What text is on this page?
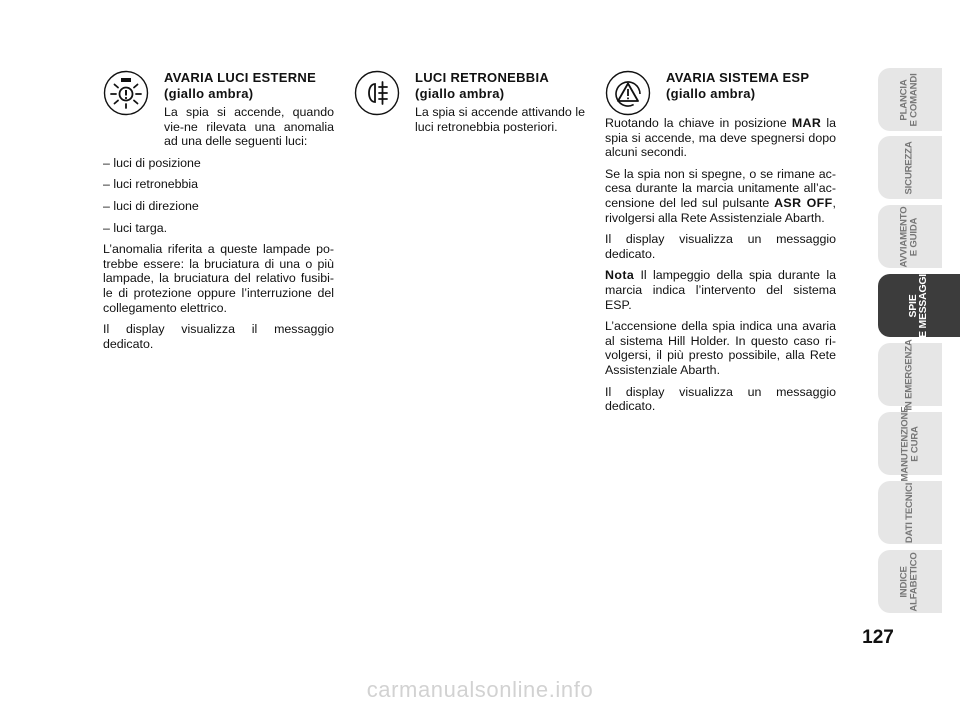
AVARIA LUCI ESTERNE
(giallo ambra)

La spia si accende, quando vie-ne rilevata una anomalia ad una delle seguenti luci:

– luci di posizione

– luci retronebbia

– luci di direzione

– luci targa.

L’anomalia riferita a queste lampade po-trebbe essere: la bruciatura di una o più lampade, la bruciatura del relativo fusibi-le di protezione oppure l’interruzione del collegamento elettrico.

Il display visualizza il messaggio dedicato.

LUCI RETRONEBBIA
(giallo ambra)

La spia si accende attivando le luci retronebbia posteriori.

AVARIA SISTEMA ESP
(giallo ambra)

Ruotando la chiave in posizione MAR la spia si accende, ma deve spegnersi dopo alcuni secondi.

Se la spia non si spegne, o se rimane ac-cesa durante la marcia unitamente all’ac-censione del led sul pulsante ASR OFF, rivolgersi alla Rete Assistenziale Abarth.

Il display visualizza un messaggio dedicato.

Nota Il lampeggio della spia durante la marcia indica l’intervento del sistema ESP.

L’accensione della spia indica una avaria al sistema Hill Holder. In questo caso ri-volgersi, il più presto possibile, alla Rete Assistenziale Abarth.

Il display visualizza un messaggio dedicato.

PLANCIA
E COMANDI
SICUREZZA
AVVIAMENTO
E GUIDA
SPIE
E MESSAGGI
IN EMERGENZA
MANUTENZIONE
E CURA
DATI TECNICI
INDICE
ALFABETICO
127
carmanualsonline.info
